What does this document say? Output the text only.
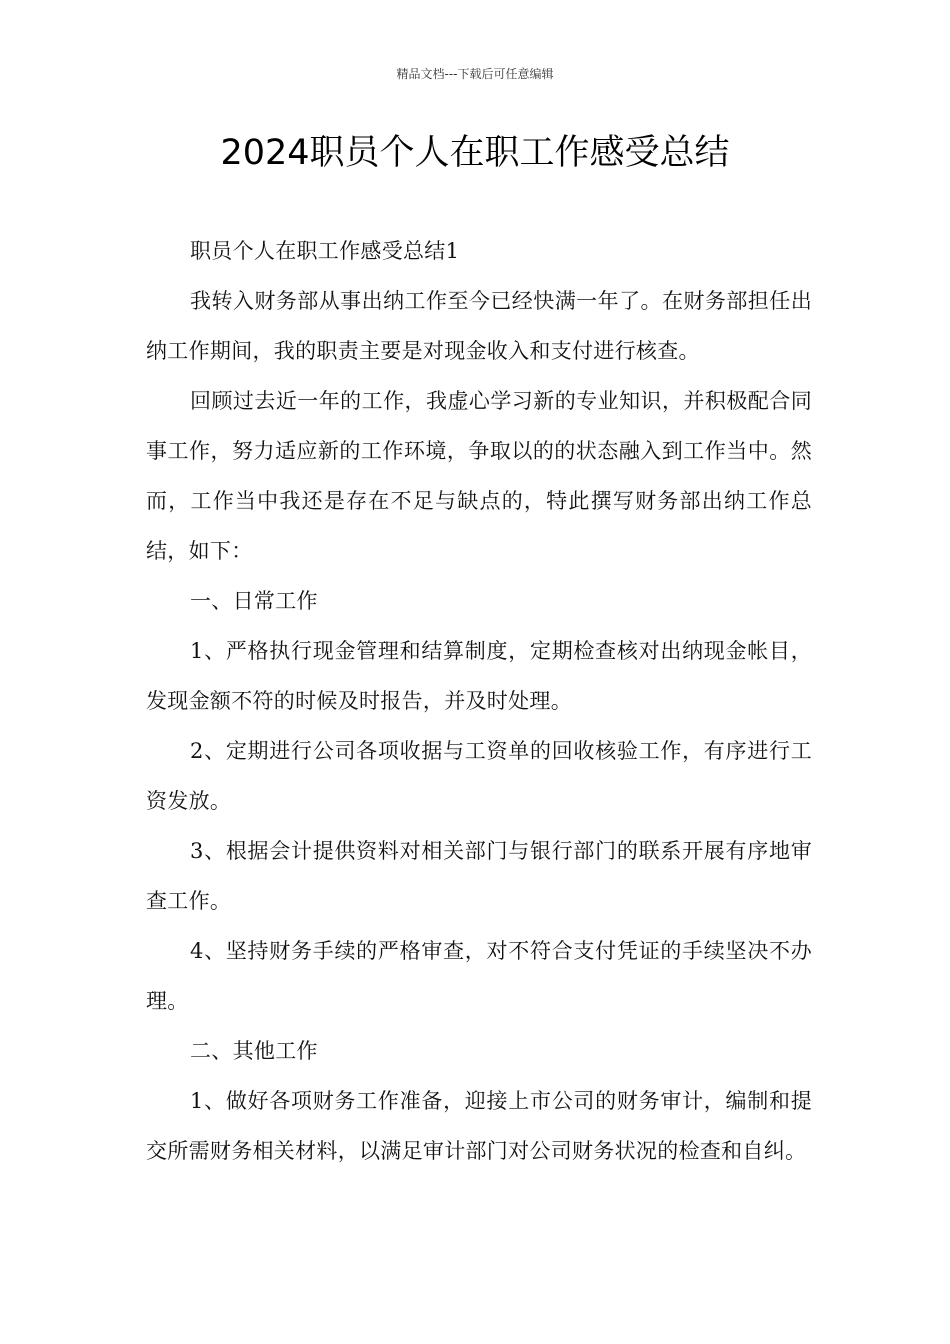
精品文档---下载后可任意编辑
2024职员个人在职工作感受总结

职员个人在职工作感受总结1

我转入财务部从事出纳工作至今已经快满一年了。在财务部担任出纳工作期间，我的职责主要是对现金收入和支付进行核查。

回顾过去近一年的工作，我虚心学习新的专业知识，并积极配合同事工作，努力适应新的工作环境，争取以的的状态融入到工作当中。然而，工作当中我还是存在不足与缺点的，特此撰写财务部出纳工作总结，如下：

一、日常工作

1、严格执行现金管理和结算制度，定期检查核对出纳现金帐目，发现金额不符的时候及时报告，并及时处理。

2、定期进行公司各项收据与工资单的回收核验工作，有序进行工资发放。

3、根据会计提供资料对相关部门与银行部门的联系开展有序地审查工作。

4、坚持财务手续的严格审查，对不符合支付凭证的手续坚决不办理。

二、其他工作

1、做好各项财务工作准备，迎接上市公司的财务审计，编制和提交所需财务相关材料，以满足审计部门对公司财务状况的检查和自纠。
